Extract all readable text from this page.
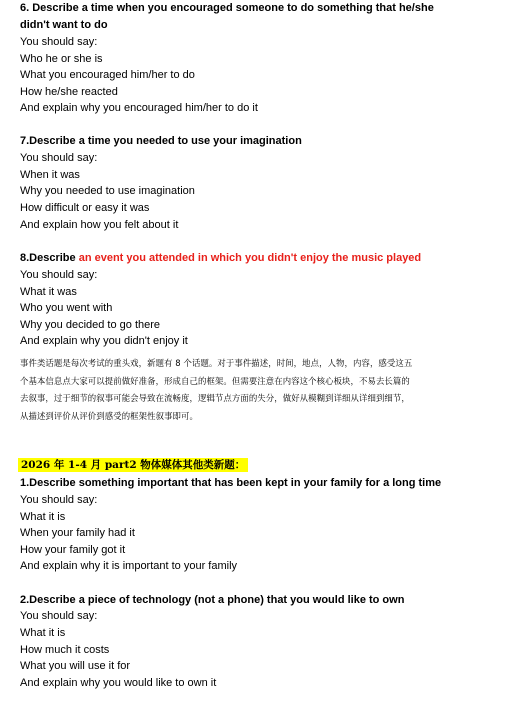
6. Describe a time when you encouraged someone to do something that he/she
didn't want to do
You should say:
Who he or she is
What you encouraged him/her to do
How he/she reacted
And explain why you encouraged him/her to do it
7.Describe a time you needed to use your imagination
You should say:
When it was
Why you needed to use imagination
How difficult or easy it was
And explain how you felt about it
8.Describe an event you attended in which you didn't enjoy the music played
You should say:
What it was
Who you went with
Why you decided to go there
And explain why you didn't enjoy it
事件类话题是每次考试的重头戏，新题有 8 个话题。对于事件描述，时间，地点，人物，内容，感受这五
个基本信息点大家可以提前做好准备，形成自己的框架。但需要注意在内容这个核心板块，不易去长篇的
去叙事，过于细节的叙事可能会导致在流畅度，逻辑节点方面的失分，做好从模糊到详细从详细到细节，
从描述到评价从评价到感受的框架性叙事即可。
2026 年 1-4 月 part2 物体媒体其他类新题：
1.Describe something important that has been kept in your family for a long time
You should say:
What it is
When your family had it
How your family got it
And explain why it is important to your family
2.Describe a piece of technology (not a phone) that you would like to own
You should say:
What it is
How much it costs
What you will use it for
And explain why you would like to own it
